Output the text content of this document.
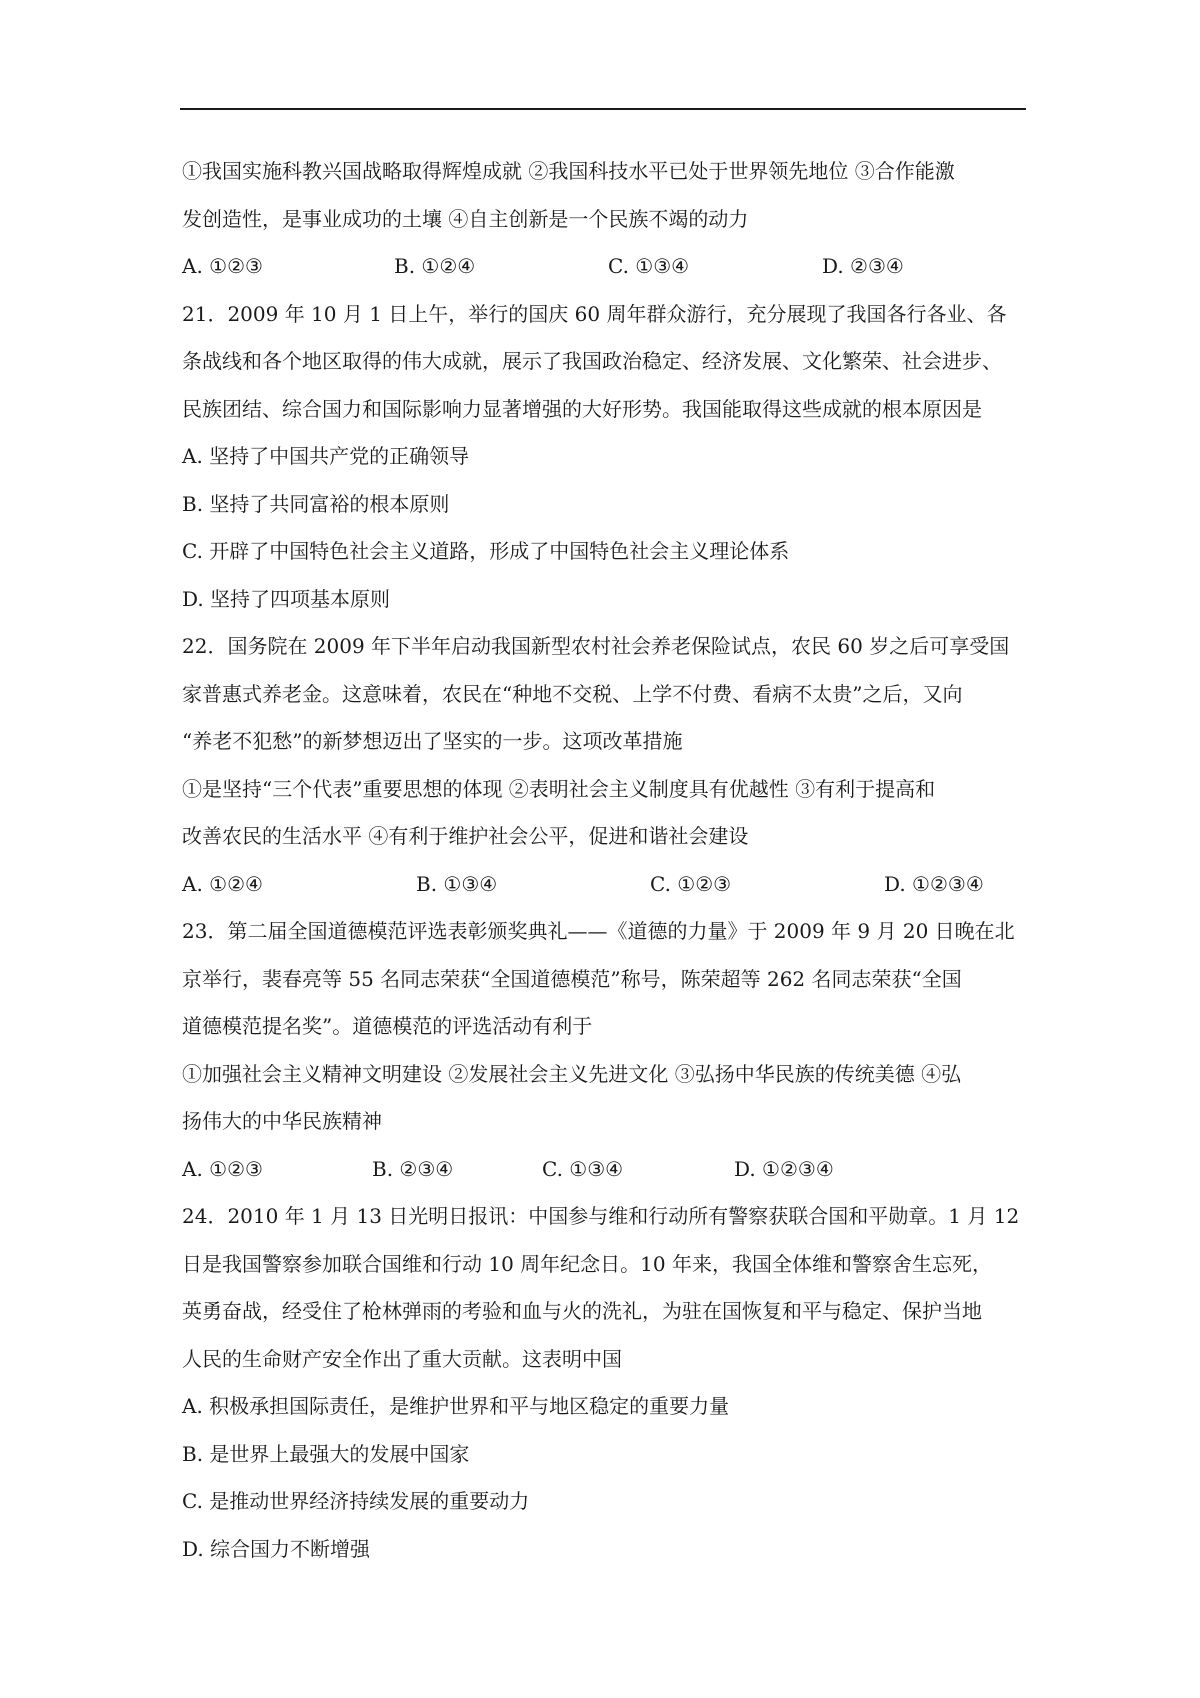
①我国实施科教兴国战略取得辉煌成就 ②我国科技水平已处于世界领先地位 ③合作能激
发创造性，是事业成功的土壤 ④自主创新是一个民族不竭的动力
A. ①②③	B. ①②④	C. ①③④	D. ②③④
21．2009 年 10 月 1 日上午，举行的国庆 60 周年群众游行，充分展现了我国各行各业、各
条战线和各个地区取得的伟大成就，展示了我国政治稳定、经济发展、文化繁荣、社会进步、
民族团结、综合国力和国际影响力显著增强的大好形势。我国能取得这些成就的根本原因是
A. 坚持了中国共产党的正确领导
B. 坚持了共同富裕的根本原则
C. 开辟了中国特色社会主义道路，形成了中国特色社会主义理论体系
D. 坚持了四项基本原则
22．国务院在 2009 年下半年启动我国新型农村社会养老保险试点，农民 60 岁之后可享受国
家普惠式养老金。这意味着，农民在“种地不交税、上学不付费、看病不太贵”之后，又向
“养老不犯愁”的新梦想迈出了坚实的一步。这项改革措施
①是坚持“三个代表”重要思想的体现 ②表明社会主义制度具有优越性 ③有利于提高和
改善农民的生活水平 ④有利于维护社会公平，促进和谐社会建设
A. ①②④	B. ①③④	C. ①②③	D. ①②③④
23．第二届全国道德模范评选表彰颁奖典礼——《道德的力量》于 2009 年 9 月 20 日晚在北
京举行，裴春亮等 55 名同志荣获“全国道德模范”称号，陈荣超等 262 名同志荣获“全国
道德模范提名奖”。道德模范的评选活动有利于
①加强社会主义精神文明建设 ②发展社会主义先进文化 ③弘扬中华民族的传统美德 ④弘
扬伟大的中华民族精神
A. ①②③	B. ②③④	C. ①③④	D. ①②③④
24．2010 年 1 月 13 日光明日报讯：中国参与维和行动所有警察获联合国和平勋章。1 月 12
日是我国警察参加联合国维和行动 10 周年纪念日。10 年来，我国全体维和警察舍生忘死，
英勇奋战，经受住了枪林弹雨的考验和血与火的洗礼，为驻在国恢复和平与稳定、保护当地
人民的生命财产安全作出了重大贡献。这表明中国
A. 积极承担国际责任，是维护世界和平与地区稳定的重要力量
B. 是世界上最强大的发展中国家
C. 是推动世界经济持续发展的重要动力
D. 综合国力不断增强
